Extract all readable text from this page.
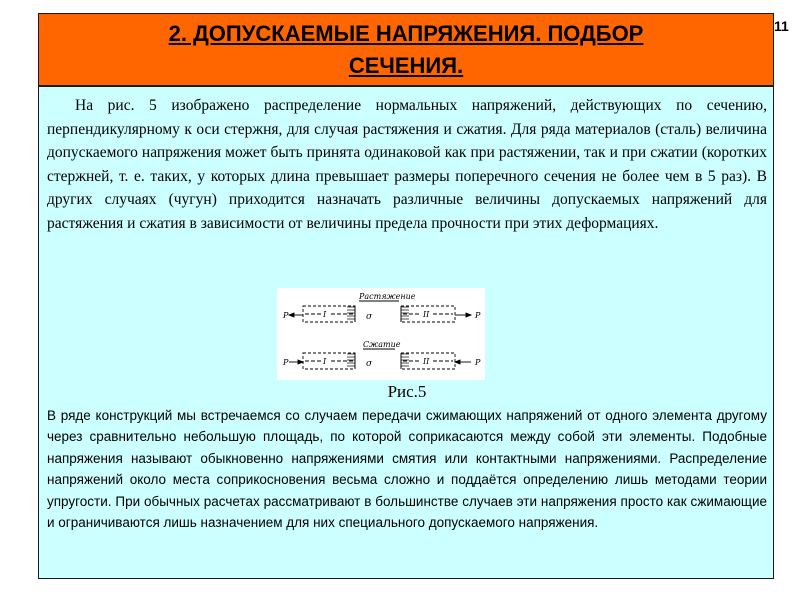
11
2. ДОПУСКАЕМЫЕ НАПРЯЖЕНИЯ. ПОДБОР СЕЧЕНИЯ.

На рис. 5 изображено распределение нормальных напряжений, действующих по сечению, перпендикулярному к оси стержня, для случая растяжения и сжатия. Для ряда материалов (сталь) величина допускаемого напряжения может быть принята одинаковой как при растяжении, так и при сжатии (коротких стержней, т. е. таких, у которых длина превышает размеры поперечного сечения не более чем в 5 раз). В других случаях (чугун) приходится назначать различные величины допускаемых напряжений для растяжения и сжатия в зависимости от величины предела прочности при этих деформациях.

Растяжение
P	σ
I	II	P
Сжатие
P	σ
I	II	P
Рис.5

В ряде конструкций мы встречаемся со случаем передачи сжимающих напряжений от одного элемента другому через сравнительно небольшую площадь, по которой соприкасаются между собой эти элементы. Подобные напряжения называют обыкновенно напряжениями смятия или контактными напряжениями. Распределение напряжений около места соприкосновения весьма сложно и поддаётся определению лишь методами теории упругости. При обычных расчетах рассматривают в большинстве случаев эти напряжения просто как сжимающие и ограничиваются лишь назначением для них специального допускаемого напряжения.
